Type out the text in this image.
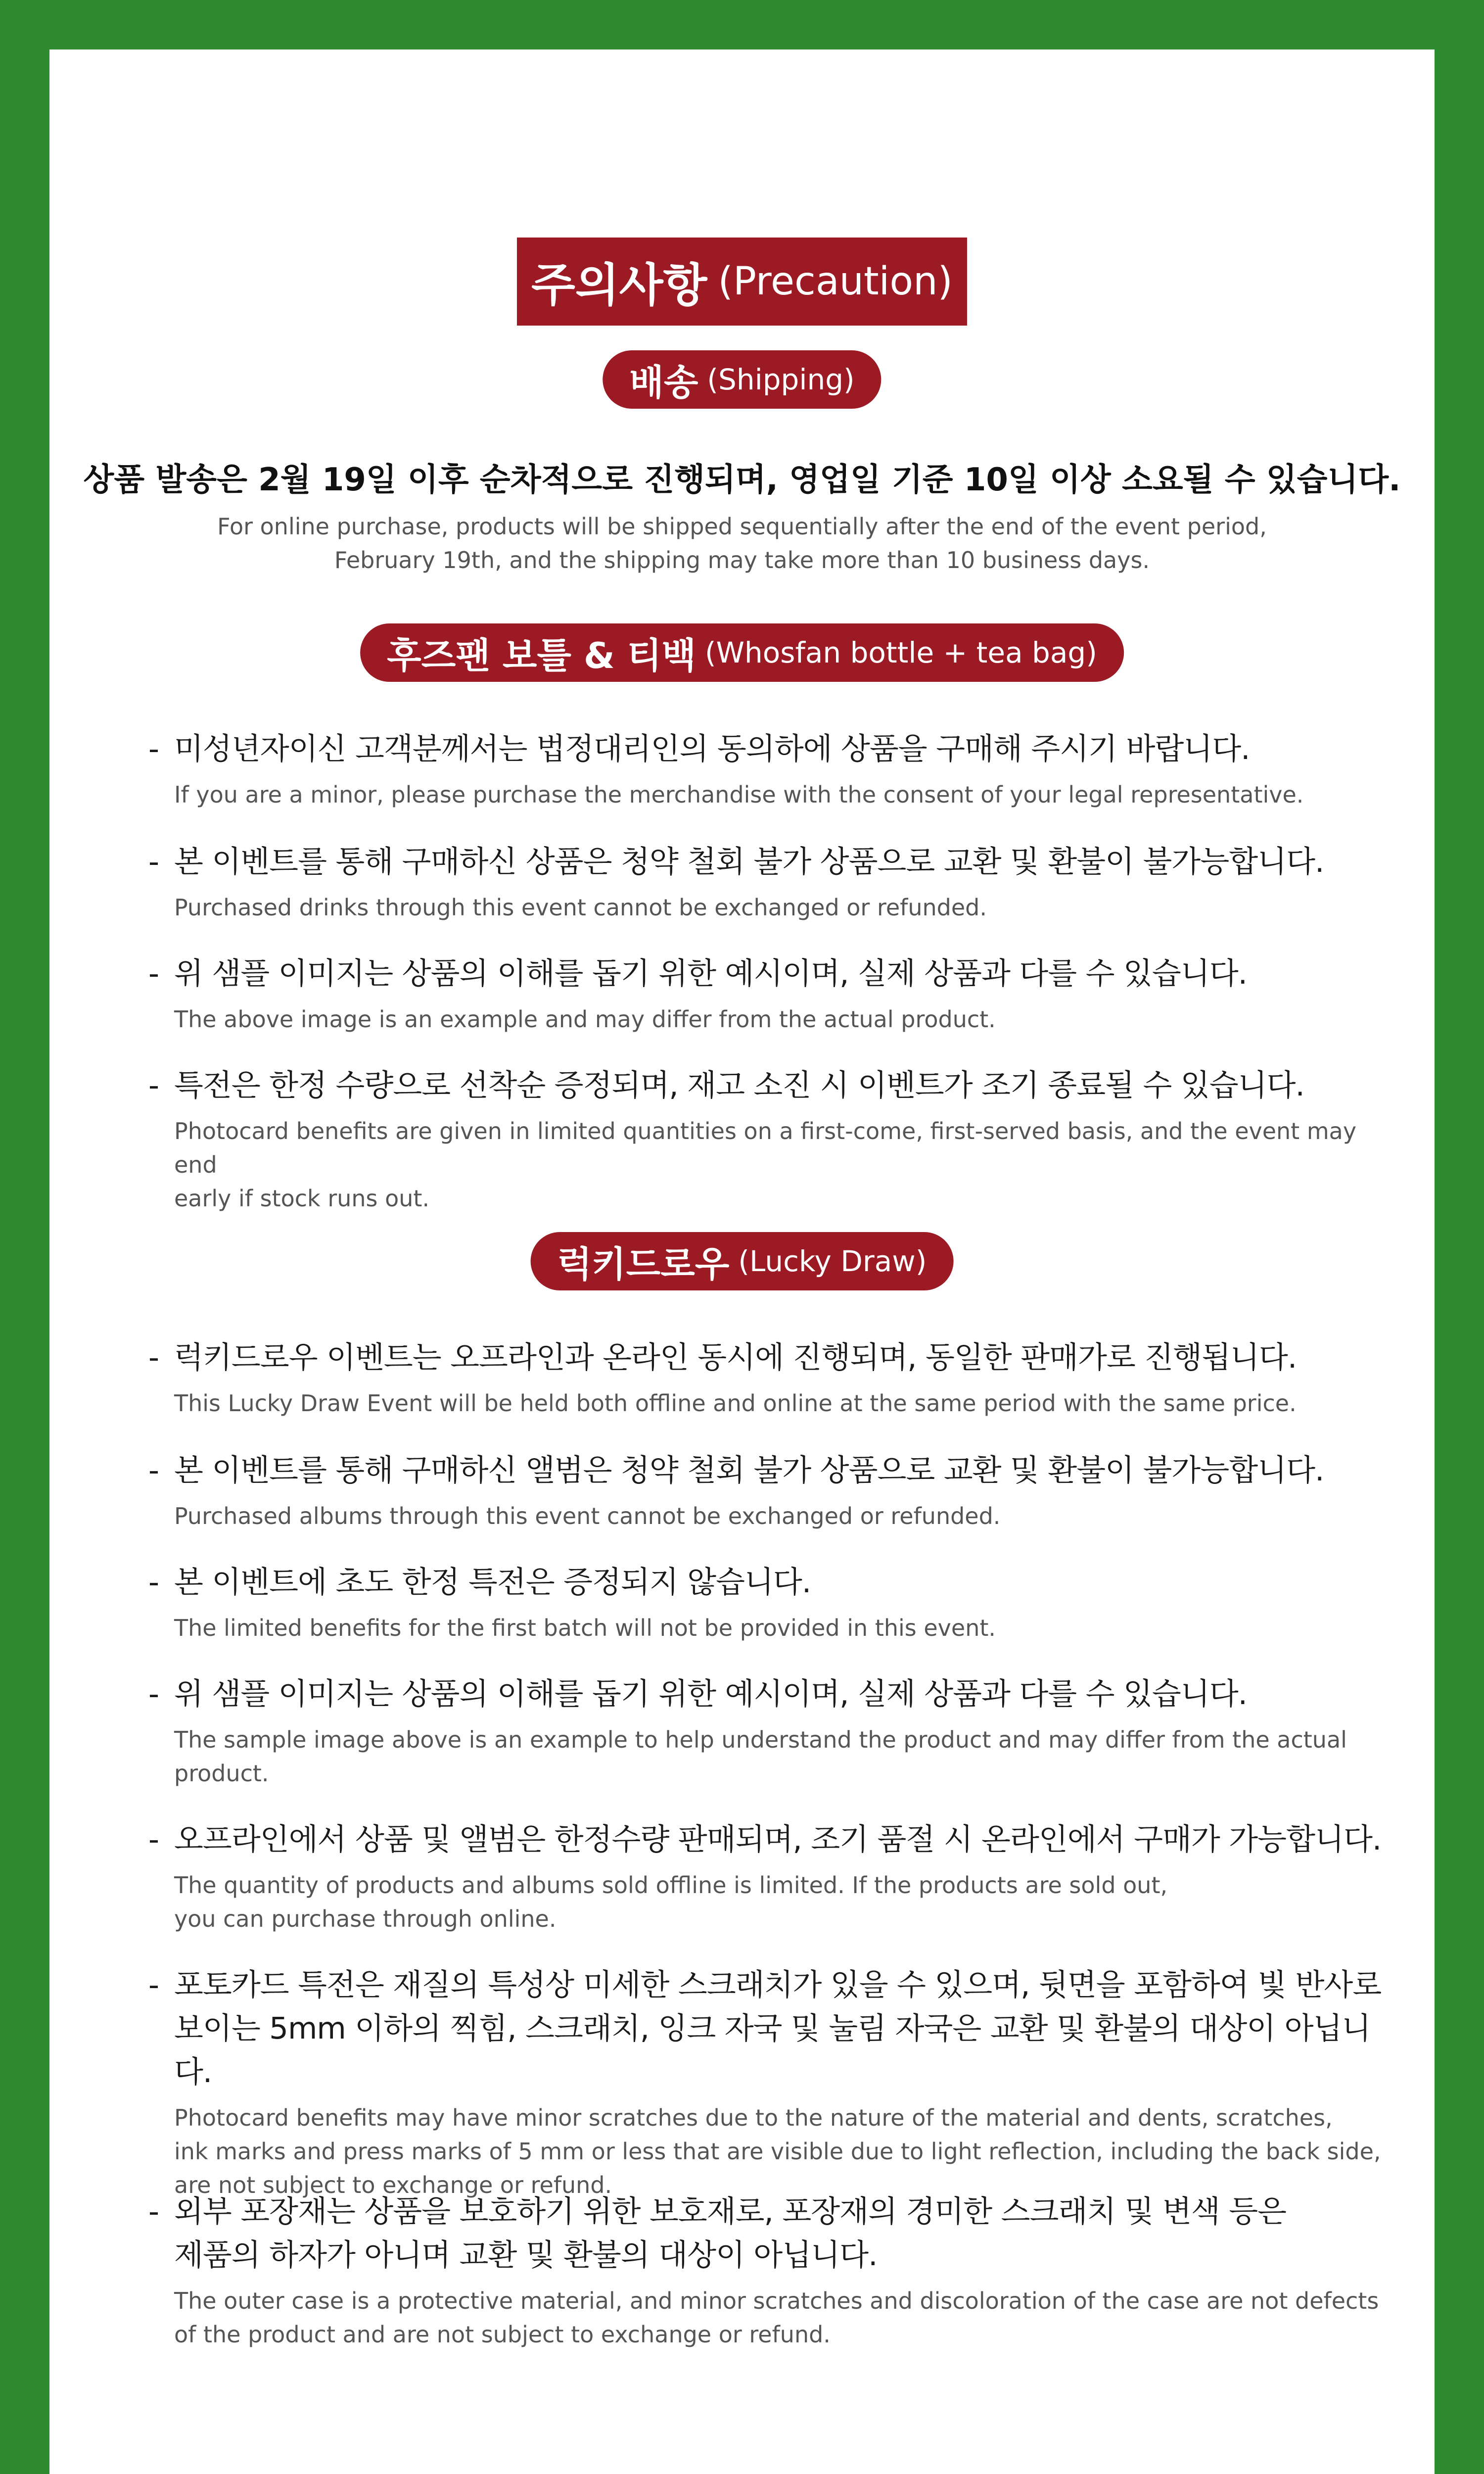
주의사항 (Precaution)
배송 (Shipping)
상품 발송은 2월 19일 이후 순차적으로 진행되며, 영업일 기준 10일 이상 소요될 수 있습니다.
For online purchase, products will be shipped sequentially after the end of the event period,
February 19th, and the shipping may take more than 10 business days.
후즈팬 보틀 & 티백 (Whosfan bottle + tea bag)
- 미성년자이신 고객분께서는 법정대리인의 동의하에 상품을 구매해 주시기 바랍니다.
If you are a minor, please purchase the merchandise with the consent of your legal representative.
- 본 이벤트를 통해 구매하신 상품은 청약 철회 불가 상품으로 교환 및 환불이 불가능합니다.
Purchased drinks through this event cannot be exchanged or refunded.
- 위 샘플 이미지는 상품의 이해를 돕기 위한 예시이며, 실제 상품과 다를 수 있습니다.
The above image is an example and may differ from the actual product.
- 특전은 한정 수량으로 선착순 증정되며, 재고 소진 시 이벤트가 조기 종료될 수 있습니다.
Photocard benefits are given in limited quantities on a first-come, first-served basis, and the event may end
early if stock runs out.
럭키드로우 (Lucky Draw)
- 럭키드로우 이벤트는 오프라인과 온라인 동시에 진행되며, 동일한 판매가로 진행됩니다.
This Lucky Draw Event will be held both offline and online at the same period with the same price.
- 본 이벤트를 통해 구매하신 앨범은 청약 철회 불가 상품으로 교환 및 환불이 불가능합니다.
Purchased albums through this event cannot be exchanged or refunded.
- 본 이벤트에 초도 한정 특전은 증정되지 않습니다.
The limited benefits for the first batch will not be provided in this event.
- 위 샘플 이미지는 상품의 이해를 돕기 위한 예시이며, 실제 상품과 다를 수 있습니다.
The sample image above is an example to help understand the product and may differ from the actual
product.
- 오프라인에서 상품 및 앨범은 한정수량 판매되며, 조기 품절 시 온라인에서 구매가 가능합니다.
The quantity of products and albums sold offline is limited. If the products are sold out,
you can purchase through online.
- 포토카드 특전은 재질의 특성상 미세한 스크래치가 있을 수 있으며, 뒷면을 포함하여 빛 반사로
보이는 5mm 이하의 찍힘, 스크래치, 잉크 자국 및 눌림 자국은 교환 및 환불의 대상이 아닙니다.
Photocard benefits may have minor scratches due to the nature of the material and dents, scratches,
ink marks and press marks of 5 mm or less that are visible due to light reflection, including the back side,
are not subject to exchange or refund.
- 외부 포장재는 상품을 보호하기 위한 보호재로, 포장재의 경미한 스크래치 및 변색 등은
제품의 하자가 아니며 교환 및 환불의 대상이 아닙니다.
The outer case is a protective material, and minor scratches and discoloration of the case are not defects
of the product and are not subject to exchange or refund.
